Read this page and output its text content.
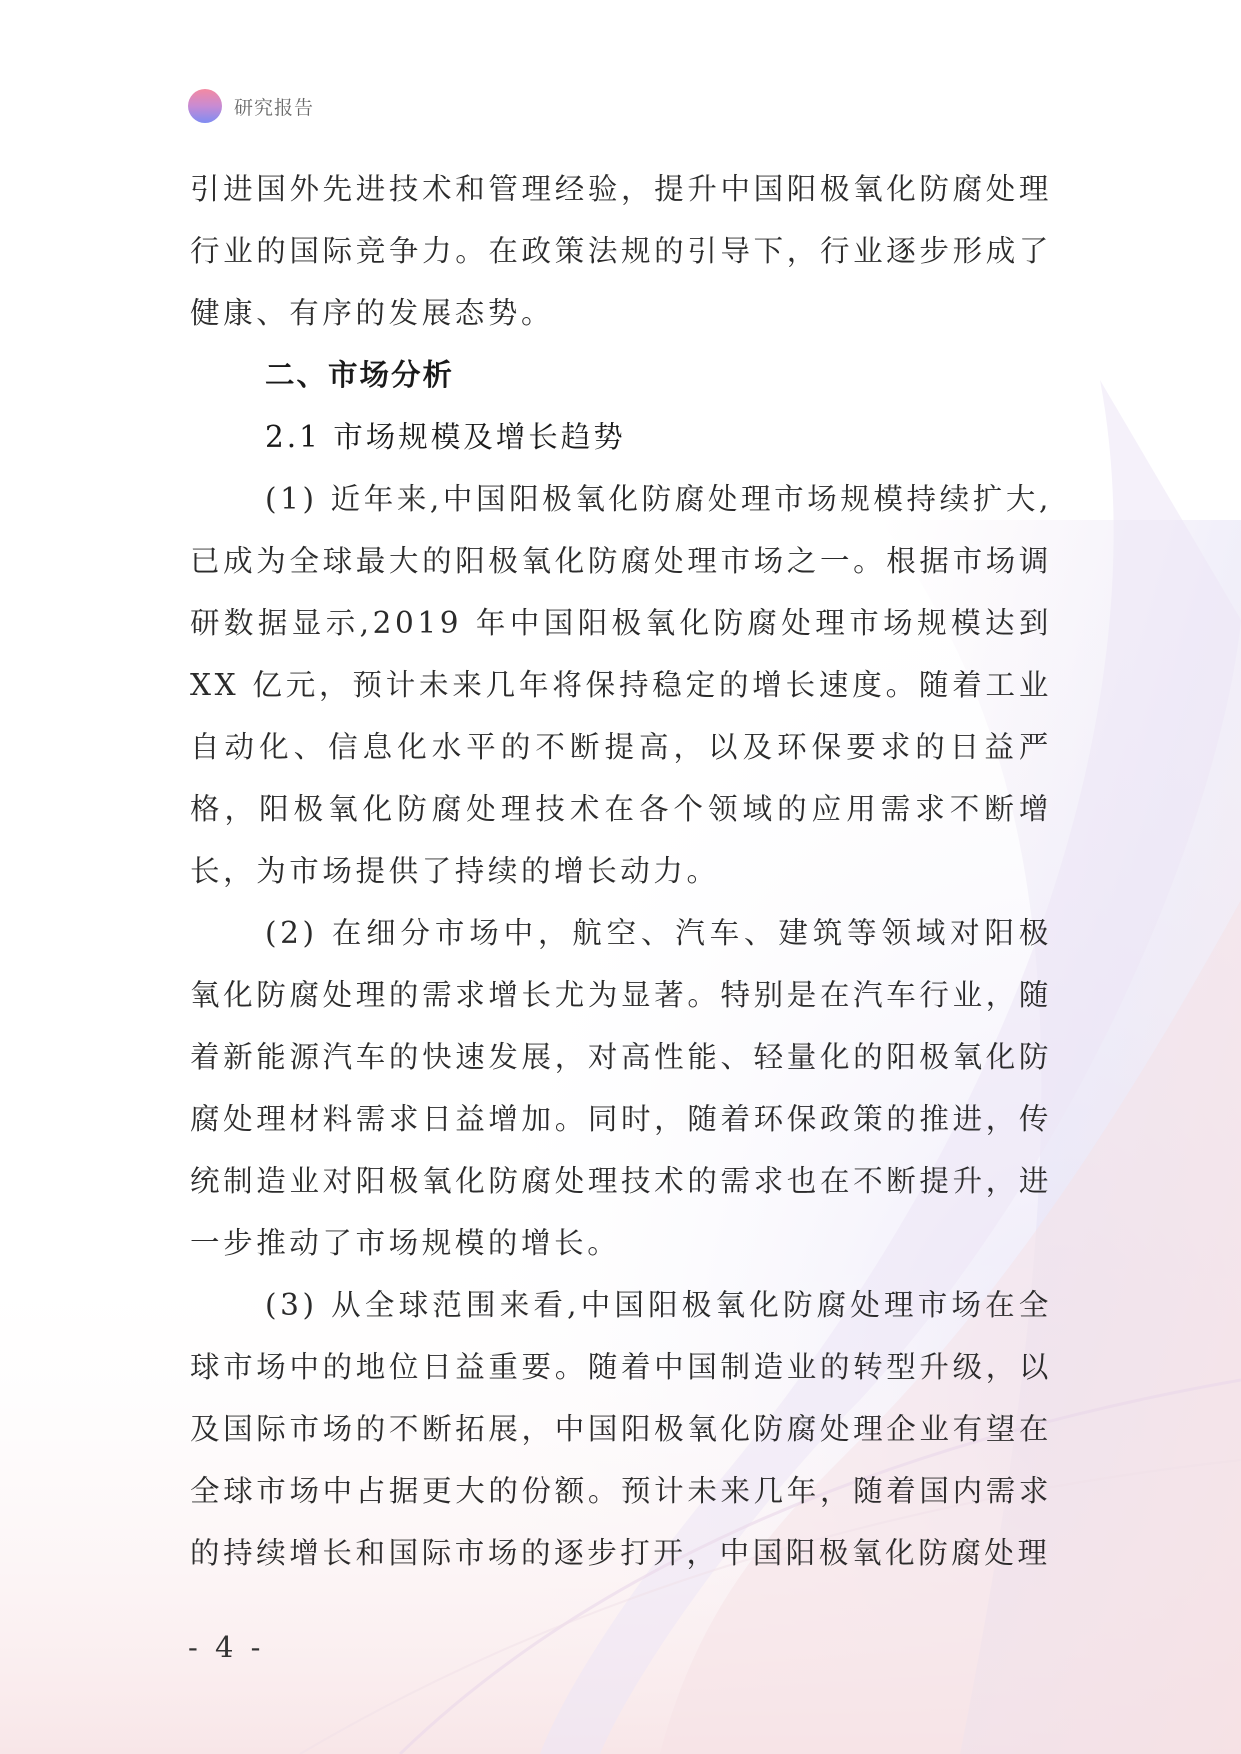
研究报告

引进国外先进技术和管理经验，提升中国阳极氧化防腐处理行业的国际竞争力。在政策法规的引导下，行业逐步形成了健康、有序的发展态势。

二、市场分析
2.1 市场规模及增长趋势

(1) 近年来,中国阳极氧化防腐处理市场规模持续扩大,已成为全球最大的阳极氧化防腐处理市场之一。根据市场调研数据显示,2019 年中国阳极氧化防腐处理市场规模达到 XX 亿元，预计未来几年将保持稳定的增长速度。随着工业自动化、信息化水平的不断提高，以及环保要求的日益严格，阳极氧化防腐处理技术在各个领域的应用需求不断增长，为市场提供了持续的增长动力。

(2) 在细分市场中，航空、汽车、建筑等领域对阳极氧化防腐处理的需求增长尤为显著。特别是在汽车行业，随着新能源汽车的快速发展，对高性能、轻量化的阳极氧化防腐处理材料需求日益增加。同时，随着环保政策的推进，传统制造业对阳极氧化防腐处理技术的需求也在不断提升，进一步推动了市场规模的增长。

(3) 从全球范围来看,中国阳极氧化防腐处理市场在全球市场中的地位日益重要。随着中国制造业的转型升级，以及国际市场的不断拓展，中国阳极氧化防腐处理企业有望在全球市场中占据更大的份额。预计未来几年，随着国内需求的持续增长和国际市场的逐步打开，中国阳极氧化防腐处理

- 4 -
